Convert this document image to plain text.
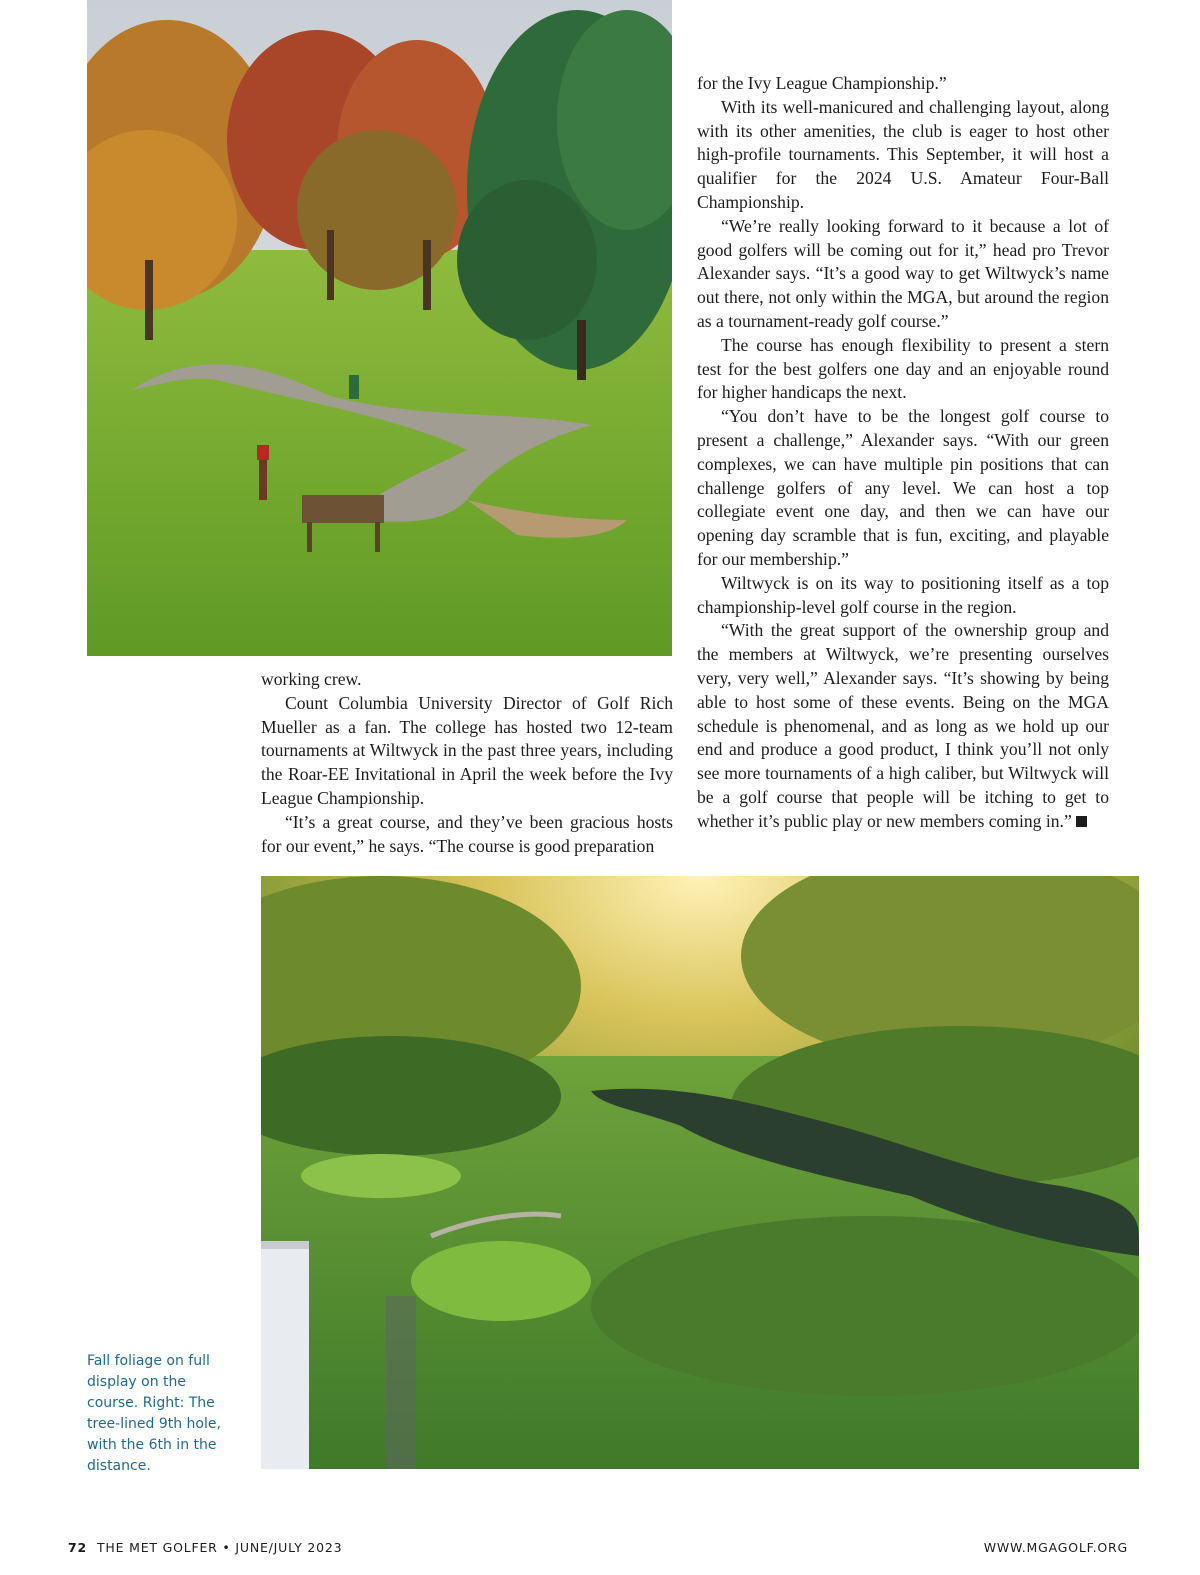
working crew.

Count Columbia University Director of Golf Rich Mueller as a fan. The college has hosted two 12-team tournaments at Wiltwyck in the past three years, including the Roar-EE Invitational in April the week before the Ivy League Championship.

“It’s a great course, and they’ve been gracious hosts for our event,” he says. “The course is good preparation

for the Ivy League Championship.”

With its well-manicured and challenging layout, along with its other amenities, the club is eager to host other high-profile tournaments. This September, it will host a qualifier for the 2024 U.S. Amateur Four-Ball Championship.

“We’re really looking forward to it because a lot of good golfers will be coming out for it,” head pro Trevor Alexander says. “It’s a good way to get Wiltwyck’s name out there, not only within the MGA, but around the region as a tournament-ready golf course.”

The course has enough flexibility to present a stern test for the best golfers one day and an enjoyable round for higher handicaps the next.

“You don’t have to be the longest golf course to present a challenge,” Alexander says. “With our green complexes, we can have multiple pin positions that can challenge golfers of any level. We can host a top collegiate event one day, and then we can have our opening day scramble that is fun, exciting, and playable for our membership.”

Wiltwyck is on its way to positioning itself as a top championship-level golf course in the region.

“With the great support of the ownership group and the members at Wiltwyck, we’re presenting ourselves very, very well,” Alexander says. “It’s showing by being able to host some of these events. Being on the MGA schedule is phenomenal, and as long as we hold up our end and produce a good product, I think you’ll not only see more tournaments of a high caliber, but Wiltwyck will be a golf course that people will be itching to get to whether it’s public play or new members coming in.”

Fall foliage on full display on the course. Right: The tree-lined 9th hole, with the 6th in the distance.
72 THE MET GOLFER • JUNE/JULY 2023	WWW.MGAGOLF.ORG
